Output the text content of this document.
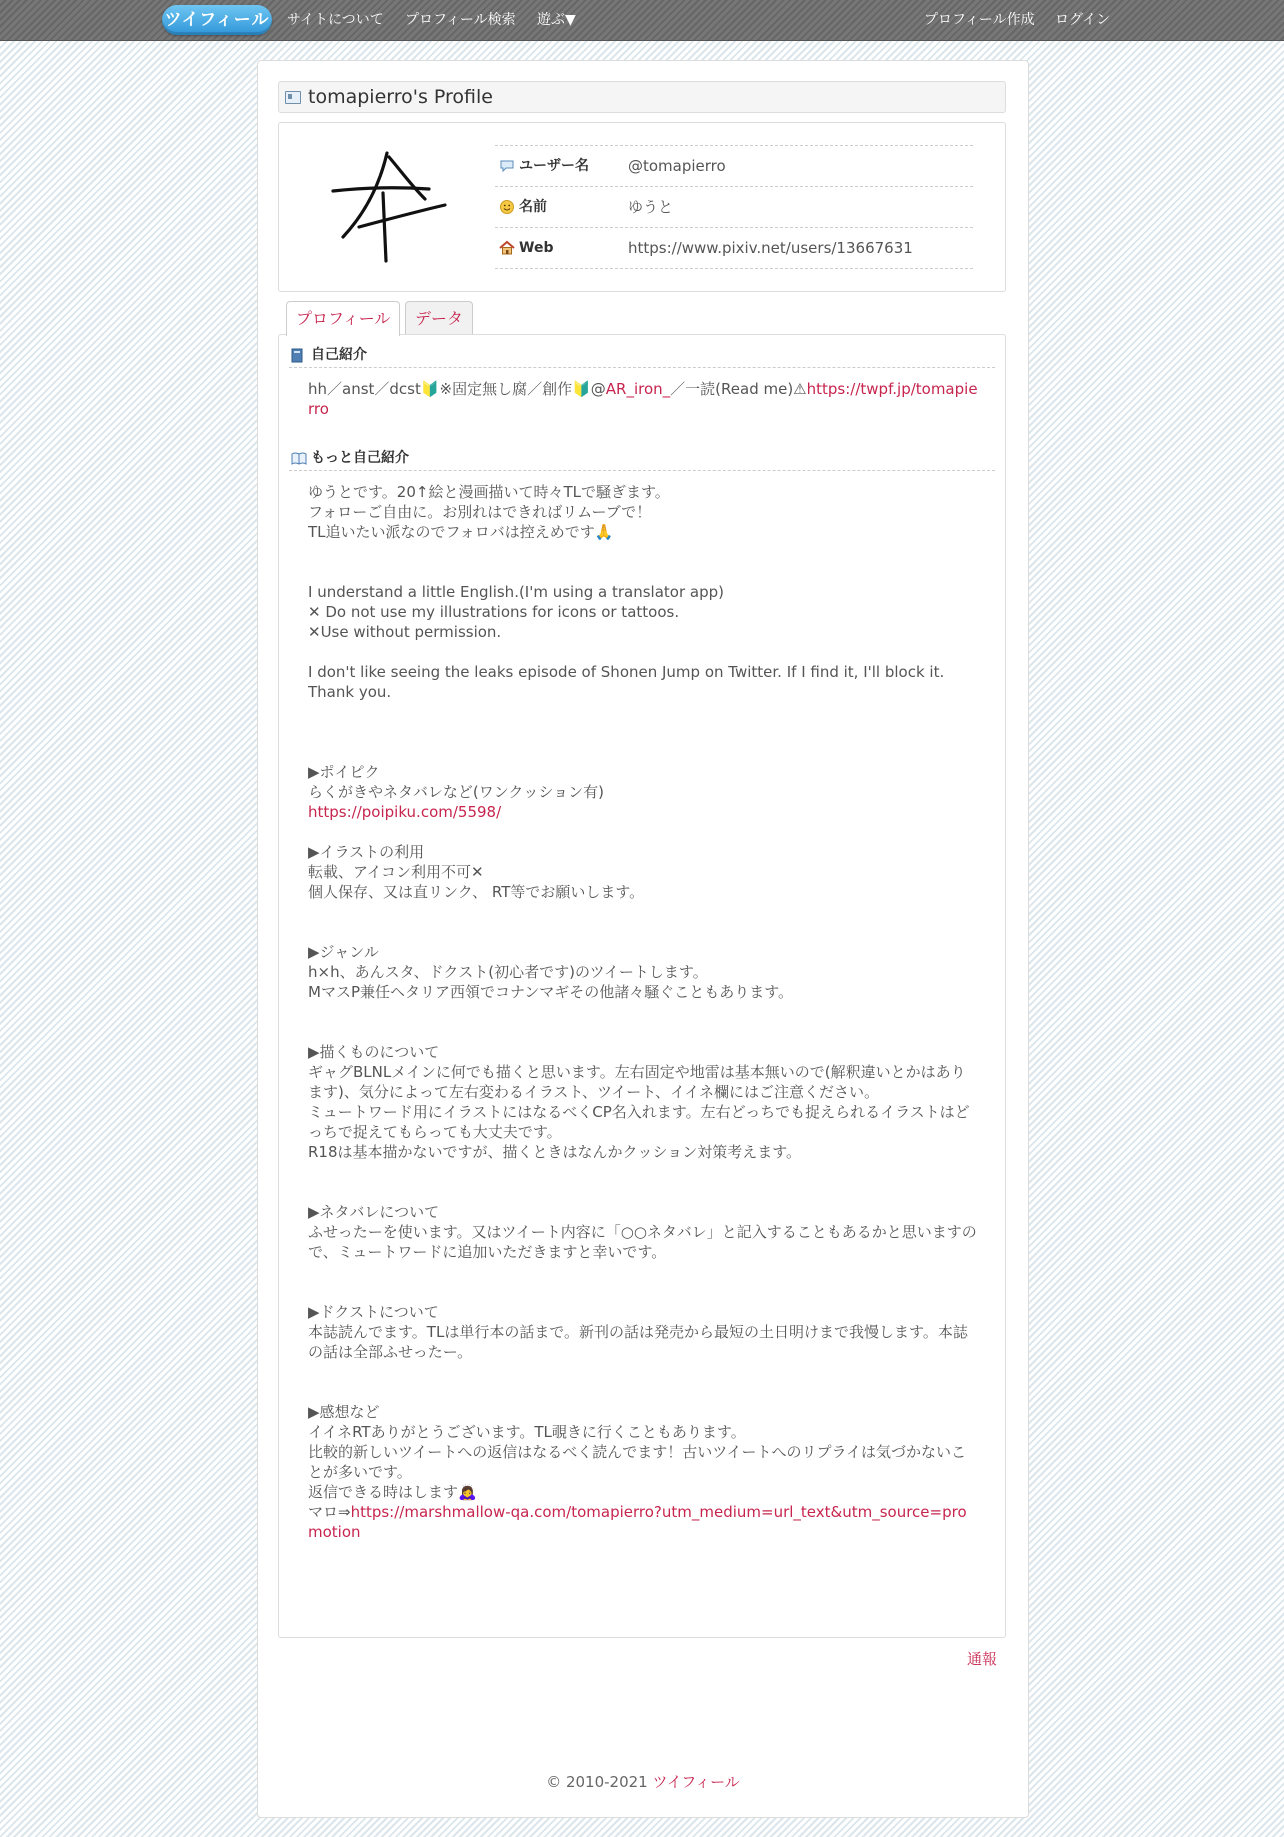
ツイフィール サイトについて プロフィール検索 遊ぶ▼	プロフィール作成 ログイン
tomapierro's Profile
ユーザー名	@tomapierro
名前	ゆうと
Web	https://www.pixiv.net/users/13667631
プロフィール	データ
自己紹介

hh／anst／dcst🔰※固定無し腐／創作🔰@AR_iron_／一読(Read me)⚠https://twpf.jp/tomapierro

もっと自己紹介

ゆうとです。20↑絵と漫画描いて時々TLで騒ぎます。
フォローご自由に。お別れはできればリムーブで！
TL追いたい派なのでフォロバは控えめです🙏

I understand a little English.(I'm using a translator app)
✕ Do not use my illustrations for icons or tattoos.
✕Use without permission.

I don't like seeing the leaks episode of Shonen Jump on Twitter. If I find it, I'll block it.
Thank you.

▶ポイピク
らくがきやネタバレなど(ワンクッション有)
https://poipiku.com/5598/

▶イラストの利用
転載、アイコン利用不可✕
個人保存、又は直リンク、 RT等でお願いします。

▶ジャンル
h×h、あんスタ、ドクスト(初心者です)のツイートします。
MマスP兼任ヘタリア西領でコナンマギその他諸々騒ぐこともあります。

▶描くものについて
ギャグBLNLメインに何でも描くと思います。左右固定や地雷は基本無いので(解釈違いとかはあります)、気分によって左右変わるイラスト、ツイート、イイネ欄にはご注意ください。
ミュートワード用にイラストにはなるべくCP名入れます。左右どっちでも捉えられるイラストはどっちで捉えてもらっても大丈夫です。
R18は基本描かないですが、描くときはなんかクッション対策考えます。

▶ネタバレについて
ふせったーを使います。又はツイート内容に「○○ネタバレ」と記入することもあるかと思いますので、ミュートワードに追加いただきますと幸いです。

▶ドクストについて
本誌読んでます。TLは単行本の話まで。新刊の話は発売から最短の土日明けまで我慢します。本誌の話は全部ふせったー。

▶感想など
イイネRTありがとうございます。TL覗きに行くこともあります。
比較的新しいツイートへの返信はなるべく読んでます！古いツイートへのリプライは気づかないことが多いです。
返信できる時はします🙇‍♀️
マロ⇒https://marshmallow-qa.com/tomapierro?utm_medium=url_text&utm_source=promotion

通報
© 2010-2021 ツイフィール
